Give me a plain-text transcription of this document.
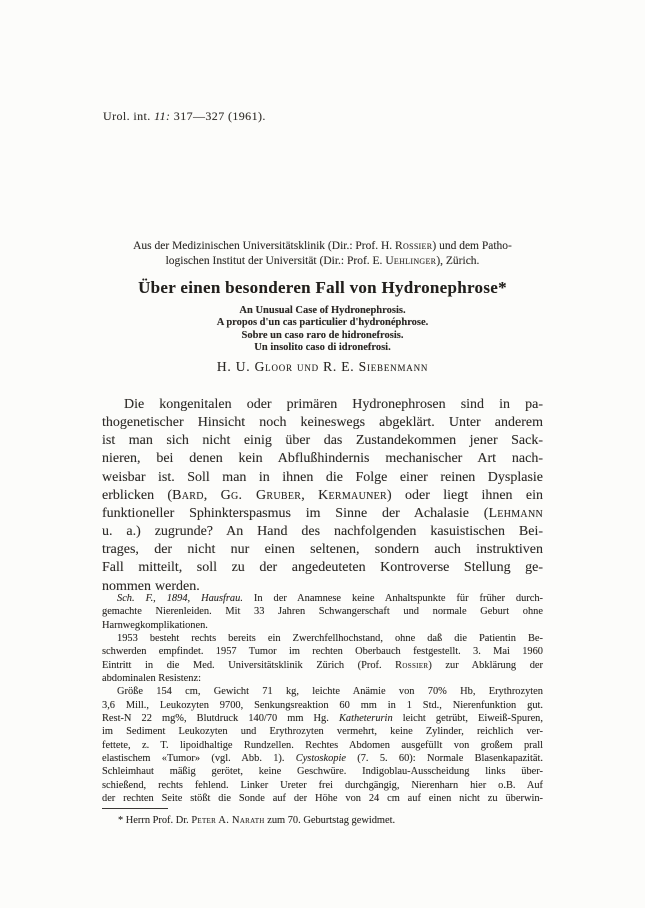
Urol. int. 11: 317—327 (1961).
Aus der Medizinischen Universitätsklinik (Dir.: Prof. H. Rossier) und dem Patho-
logischen Institut der Universität (Dir.: Prof. E. Uehlinger), Zürich.
Über einen besonderen Fall von Hydronephrose*
An Unusual Case of Hydronephrosis.
A propos d'un cas particulier d'hydronéphrose.
Sobre un caso raro de hidronefrosis.
Un insolito caso di idronefrosi.
H. U. Gloor und R. E. Siebenmann
Die kongenitalen oder primären Hydronephrosen sind in pa-
thogenetischer Hinsicht noch keineswegs abgeklärt. Unter anderem
ist man sich nicht einig über das Zustandekommen jener Sack-
nieren, bei denen kein Abflußhindernis mechanischer Art nach-
weisbar ist. Soll man in ihnen die Folge einer reinen Dysplasie
erblicken (Bard, Gg. Gruber, Kermauner) oder liegt ihnen ein
funktioneller Sphinkterspasmus im Sinne der Achalasie (Lehmann
u. a.) zugrunde? An Hand des nachfolgenden kasuistischen Bei-
trages, der nicht nur einen seltenen, sondern auch instruktiven
Fall mitteilt, soll zu der angedeuteten Kontroverse Stellung ge-
nommen werden.
Sch. F., 1894, Hausfrau. In der Anamnese keine Anhaltspunkte für früher durch-
gemachte Nierenleiden. Mit 33 Jahren Schwangerschaft und normale Geburt ohne
Harnwegkomplikationen.
1953 besteht rechts bereits ein Zwerchfellhochstand, ohne daß die Patientin Be-
schwerden empfindet. 1957 Tumor im rechten Oberbauch festgestellt. 3. Mai 1960
Eintritt in die Med. Universitätsklinik Zürich (Prof. Rossier) zur Abklärung der
abdominalen Resistenz:
Größe 154 cm, Gewicht 71 kg, leichte Anämie von 70% Hb, Erythrozyten
3,6 Mill., Leukozyten 9700, Senkungsreaktion 60 mm in 1 Std., Nierenfunktion gut.
Rest-N 22 mg%, Blutdruck 140/70 mm Hg. Katheterurin leicht getrübt, Eiweiß-Spuren,
im Sediment Leukozyten und Erythrozyten vermehrt, keine Zylinder, reichlich ver-
fettete, z. T. lipoidhaltige Rundzellen. Rechtes Abdomen ausgefüllt von großem prall
elastischem «Tumor» (vgl. Abb. 1). Cystoskopie (7. 5. 60): Normale Blasenkapazität.
Schleimhaut mäßig gerötet, keine Geschwüre. Indigoblau-Ausscheidung links über-
schießend, rechts fehlend. Linker Ureter frei durchgängig, Nierenharn hier o.B. Auf
der rechten Seite stößt die Sonde auf der Höhe von 24 cm auf einen nicht zu überwin-
* Herrn Prof. Dr. Peter A. Narath zum 70. Geburtstag gewidmet.
